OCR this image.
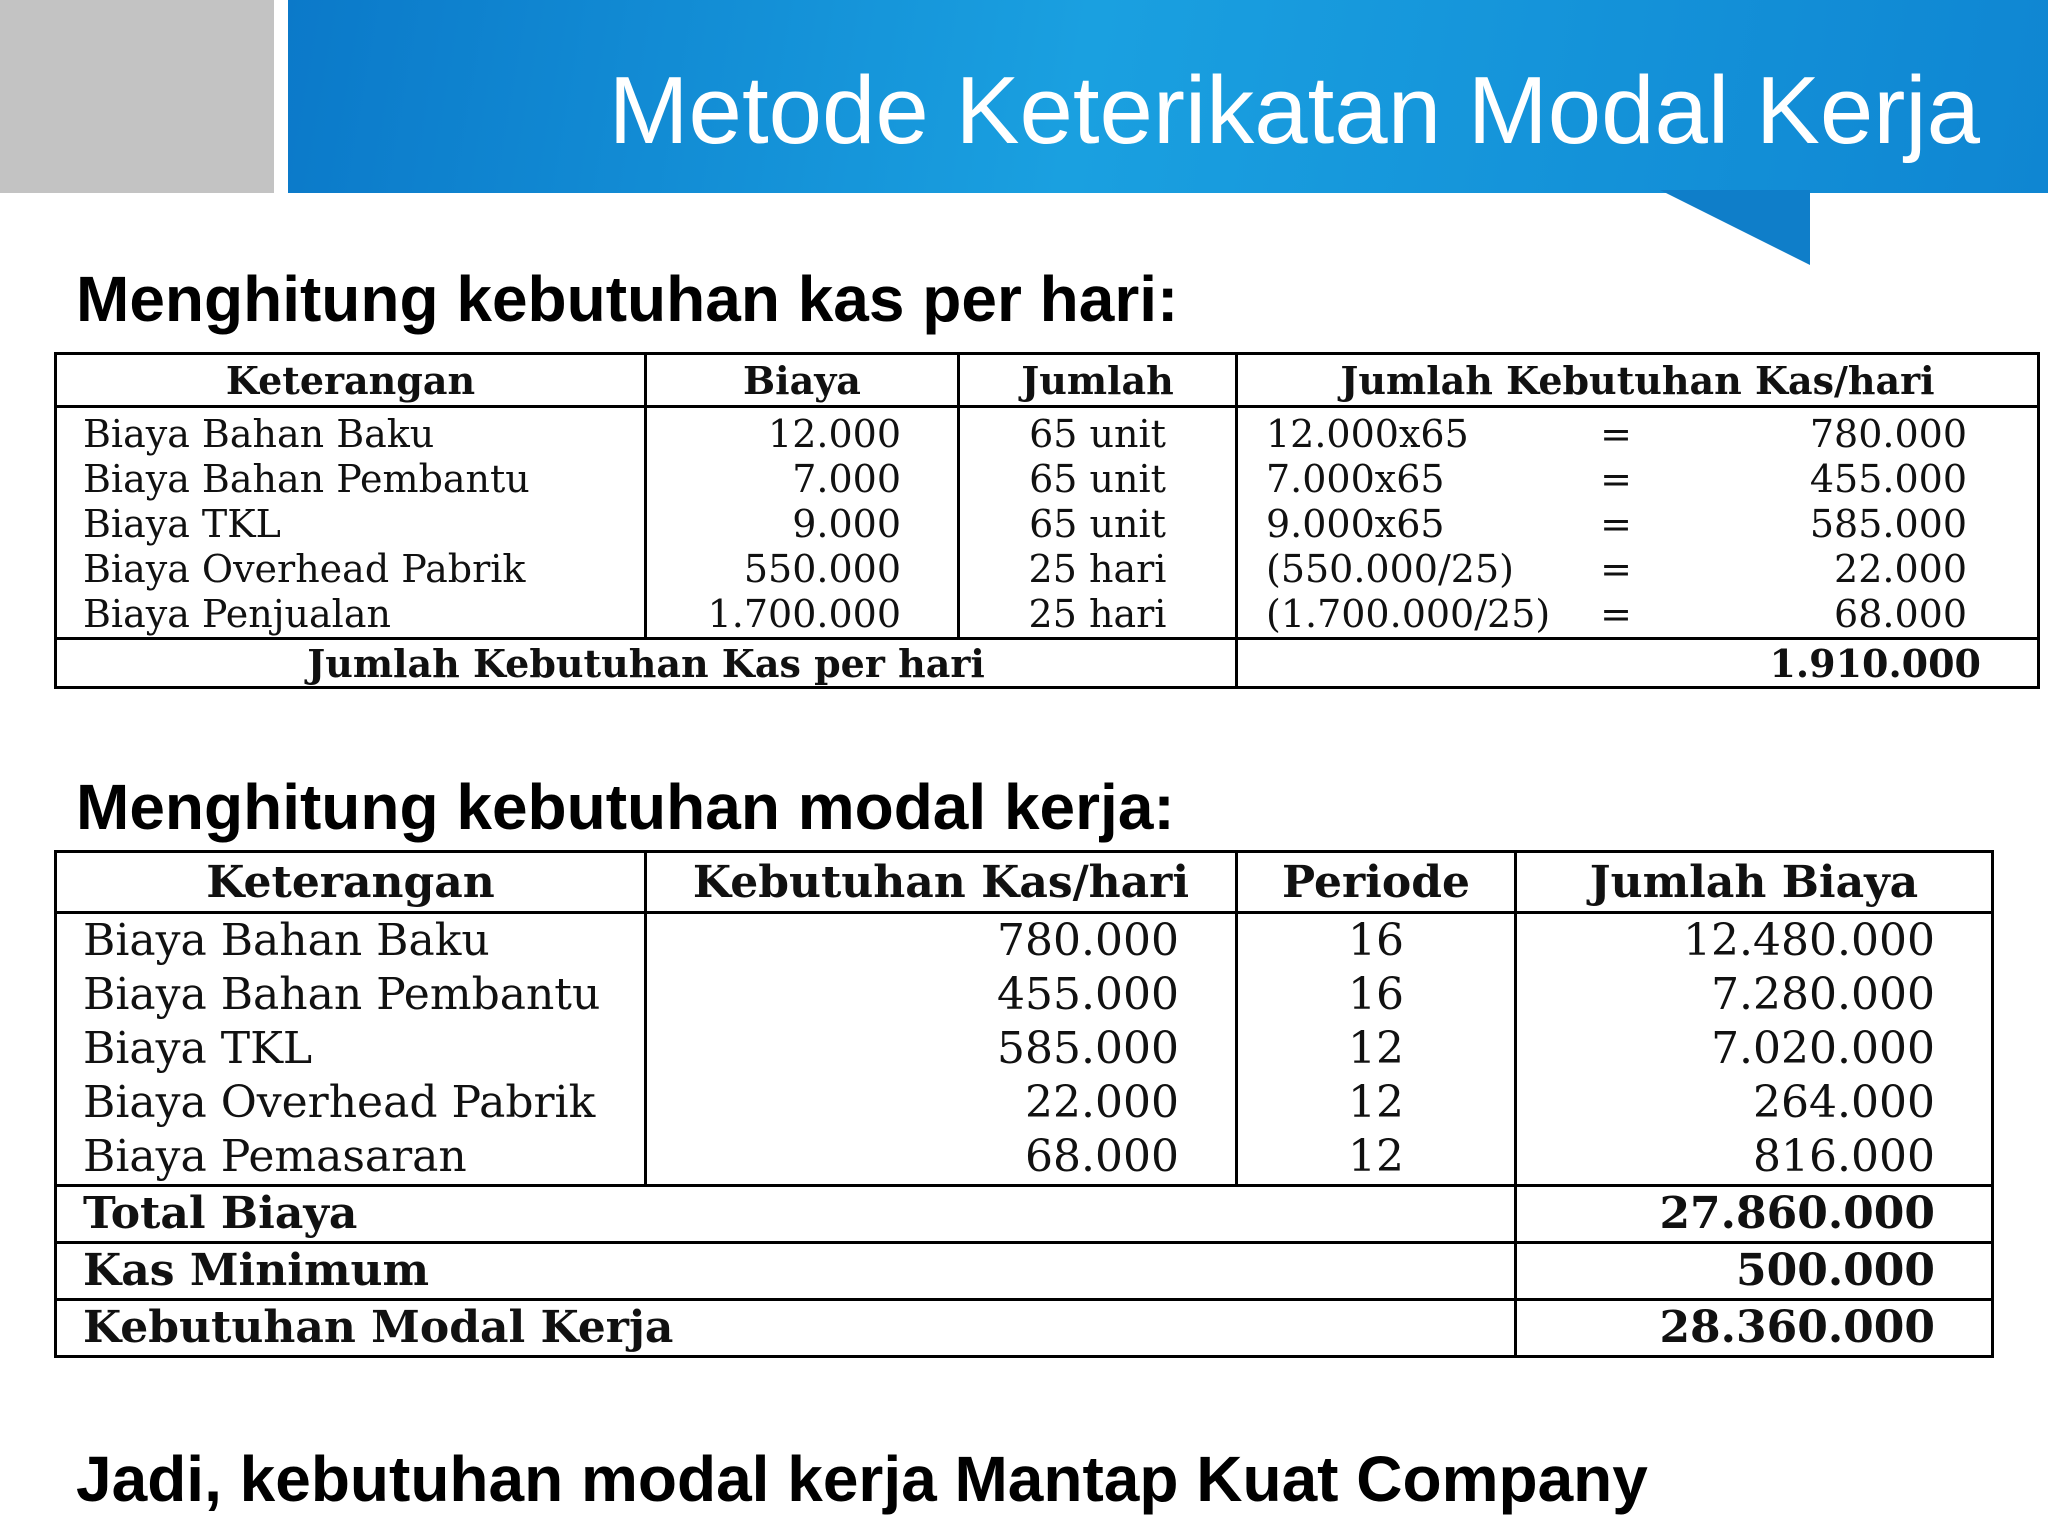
Metode Keterikatan Modal Kerja
Menghitung kebutuhan kas per hari:
Keterangan	Biaya	Jumlah	Jumlah Kebutuhan Kas/hari
Biaya Bahan Baku	12.000	65 unit	12.000x65 = 780.000

Biaya Bahan Pembantu	7.000	65 unit	7.000x65 = 455.000

Biaya TKL	9.000	65 unit	9.000x65 = 585.000

Biaya Overhead Pabrik	550.000	25 hari	(550.000/25) = 22.000

Biaya Penjualan	1.700.000	25 hari	(1.700.000/25) = 68.000

Jumlah Kebutuhan Kas per hari			1.910.000
Menghitung kebutuhan modal kerja:
Keterangan	Kebutuhan Kas/hari	Periode	Jumlah Biaya
Biaya Bahan Baku	780.000	16	12.480.000
Biaya Bahan Pembantu	455.000	16	7.280.000
Biaya TKL	585.000	12	7.020.000
Biaya Overhead Pabrik	22.000	12	264.000
Biaya Pemasaran	68.000	12	816.000
Total Biaya			27.860.000
Kas Minimum			500.000
Kebutuhan Modal Kerja			28.360.000
Jadi, kebutuhan modal kerja Mantap Kuat Company
